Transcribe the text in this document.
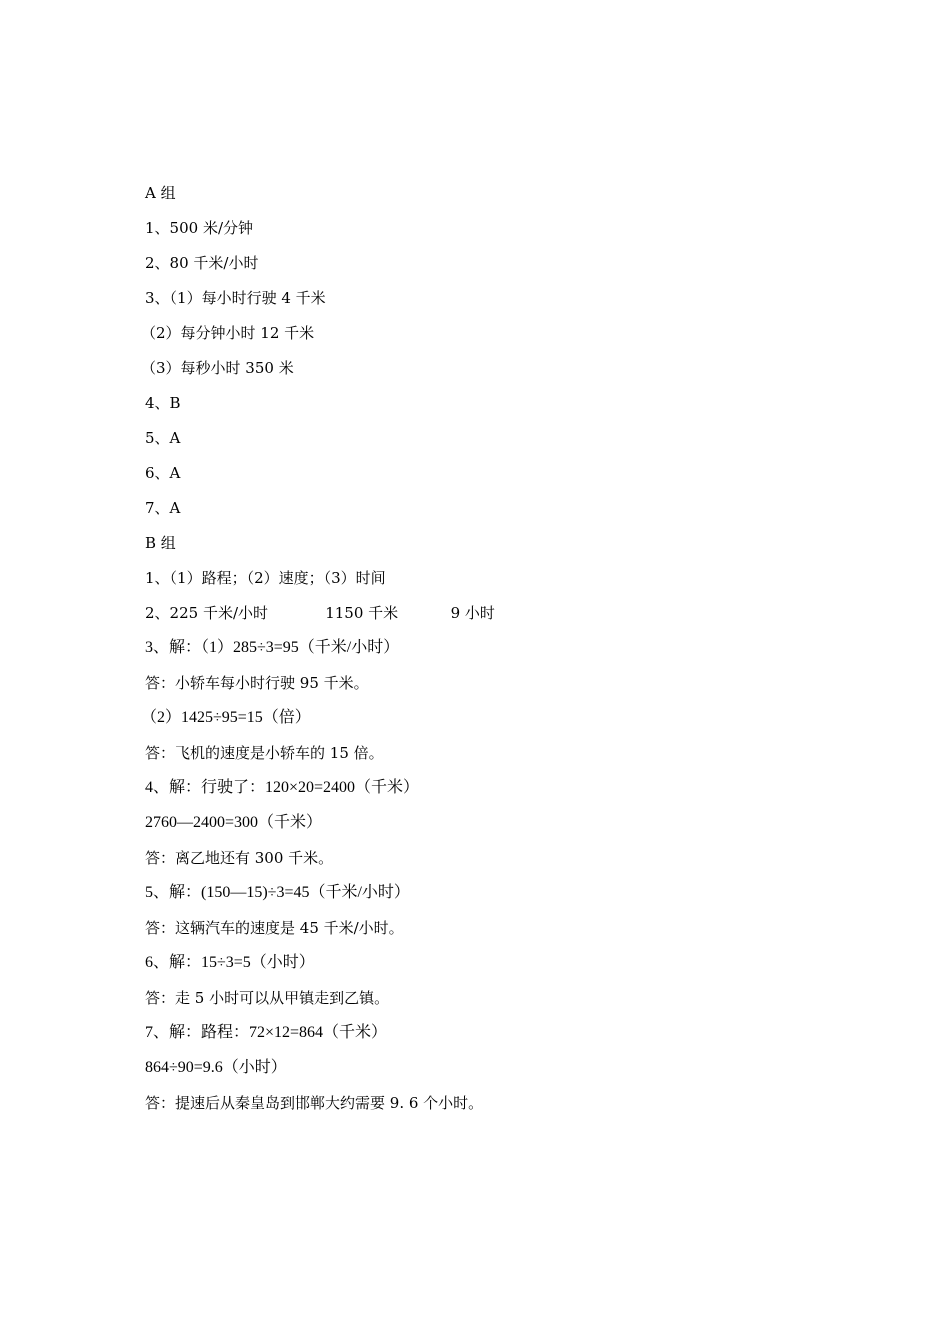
A 组
1、500 米/分钟
2、80 千米/小时
3、（1）每小时行驶 4 千米
（2）每分钟小时 12 千米
（3）每秒小时 350 米
4、B
5、A
6、A
7、A
B 组
1、（1）路程；（2）速度；（3）时间
2、225 千米/小时            1150 千米           9 小时
3、解：（1）285÷3=95（千米/小时）
答：小轿车每小时行驶 95 千米。
（2）1425÷95=15（倍）
答：飞机的速度是小轿车的 15 倍。
4、解：行驶了：120×20=2400（千米）
2760—2400=300（千米）
答：离乙地还有 300 千米。
5、解：(150—15)÷3=45（千米/小时）
答：这辆汽车的速度是 45 千米/小时。
6、解：15÷3=5（小时）
答：走 5 小时可以从甲镇走到乙镇。
7、解：路程：72×12=864（千米）
864÷90=9.6（小时）
答：提速后从秦皇岛到邯郸大约需要 9. 6 个小时。
